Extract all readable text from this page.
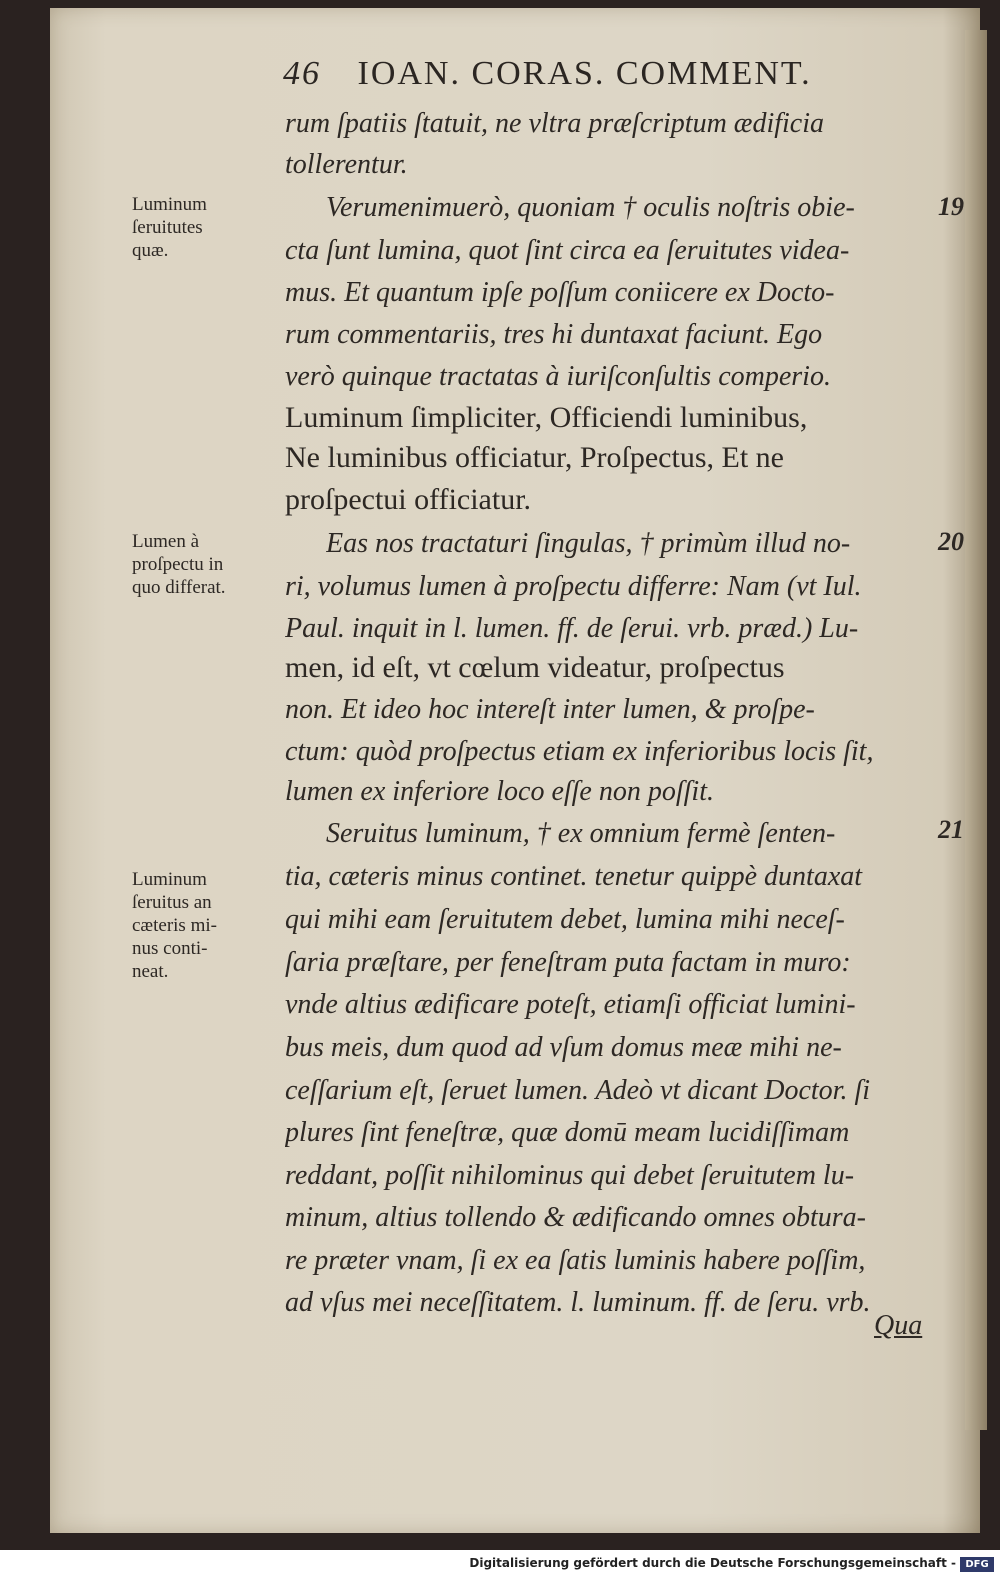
46 IOAN. CORAS. COMMENT.
Luminum
ſeruitutes
quæ.
Lumen à
proſpectu in
quo differat.
Luminum
ſeruitus an
cæteris mi-
nus conti-
neat.
19
20
21
rum ſpatiis ſtatuit, ne vltra præſcriptum ædificia
tollerentur.
Verumenimuerò, quoniam † oculis noſtris obie-
cta ſunt lumina, quot ſint circa ea ſeruitutes videa-
mus. Et quantum ipſe poſſum coniicere ex Docto-
rum commentariis, tres hi duntaxat faciunt. Ego
verò quinque tractatas à iuriſconſultis comperio.
Luminum ſimpliciter, Officiendi luminibus,
Ne luminibus officiatur, Proſpectus, Et ne
proſpectui officiatur.
Eas nos tractaturi ſingulas, † primùm illud no-
ri, volumus lumen à proſpectu differre: Nam (vt Iul.
Paul. inquit in l. lumen. ff. de ſerui. vrb. præd.) Lu-
men, id eſt, vt cœlum videatur, proſpectus
non. Et ideo hoc intereſt inter lumen, & proſpe-
ctum: quòd proſpectus etiam ex inferioribus locis ſit,
lumen ex inferiore loco eſſe non poſſit.
Seruitus luminum, † ex omnium fermè ſenten-
tia, cæteris minus continet. tenetur quippè duntaxat
qui mihi eam ſeruitutem debet, lumina mihi neceſ-
ſaria præſtare, per feneſtram puta factam in muro:
vnde altius ædificare poteſt, etiamſi officiat lumini-
bus meis, dum quod ad vſum domus meæ mihi ne-
ceſſarium eſt, ſeruet lumen. Adeò vt dicant Doctor. ſi
plures ſint feneſtræ, quæ domū meam lucidiſſimam
reddant, poſſit nihilominus qui debet ſeruitutem lu-
minum, altius tollendo & ædificando omnes obtura-
re præter vnam, ſi ex ea ſatis luminis habere poſſim,
ad vſus mei neceſſitatem. l. luminum. ff. de ſeru. vrb.
Qua
Digitalisierung gefördert durch die Deutsche Forschungsgemeinschaft - DFG
